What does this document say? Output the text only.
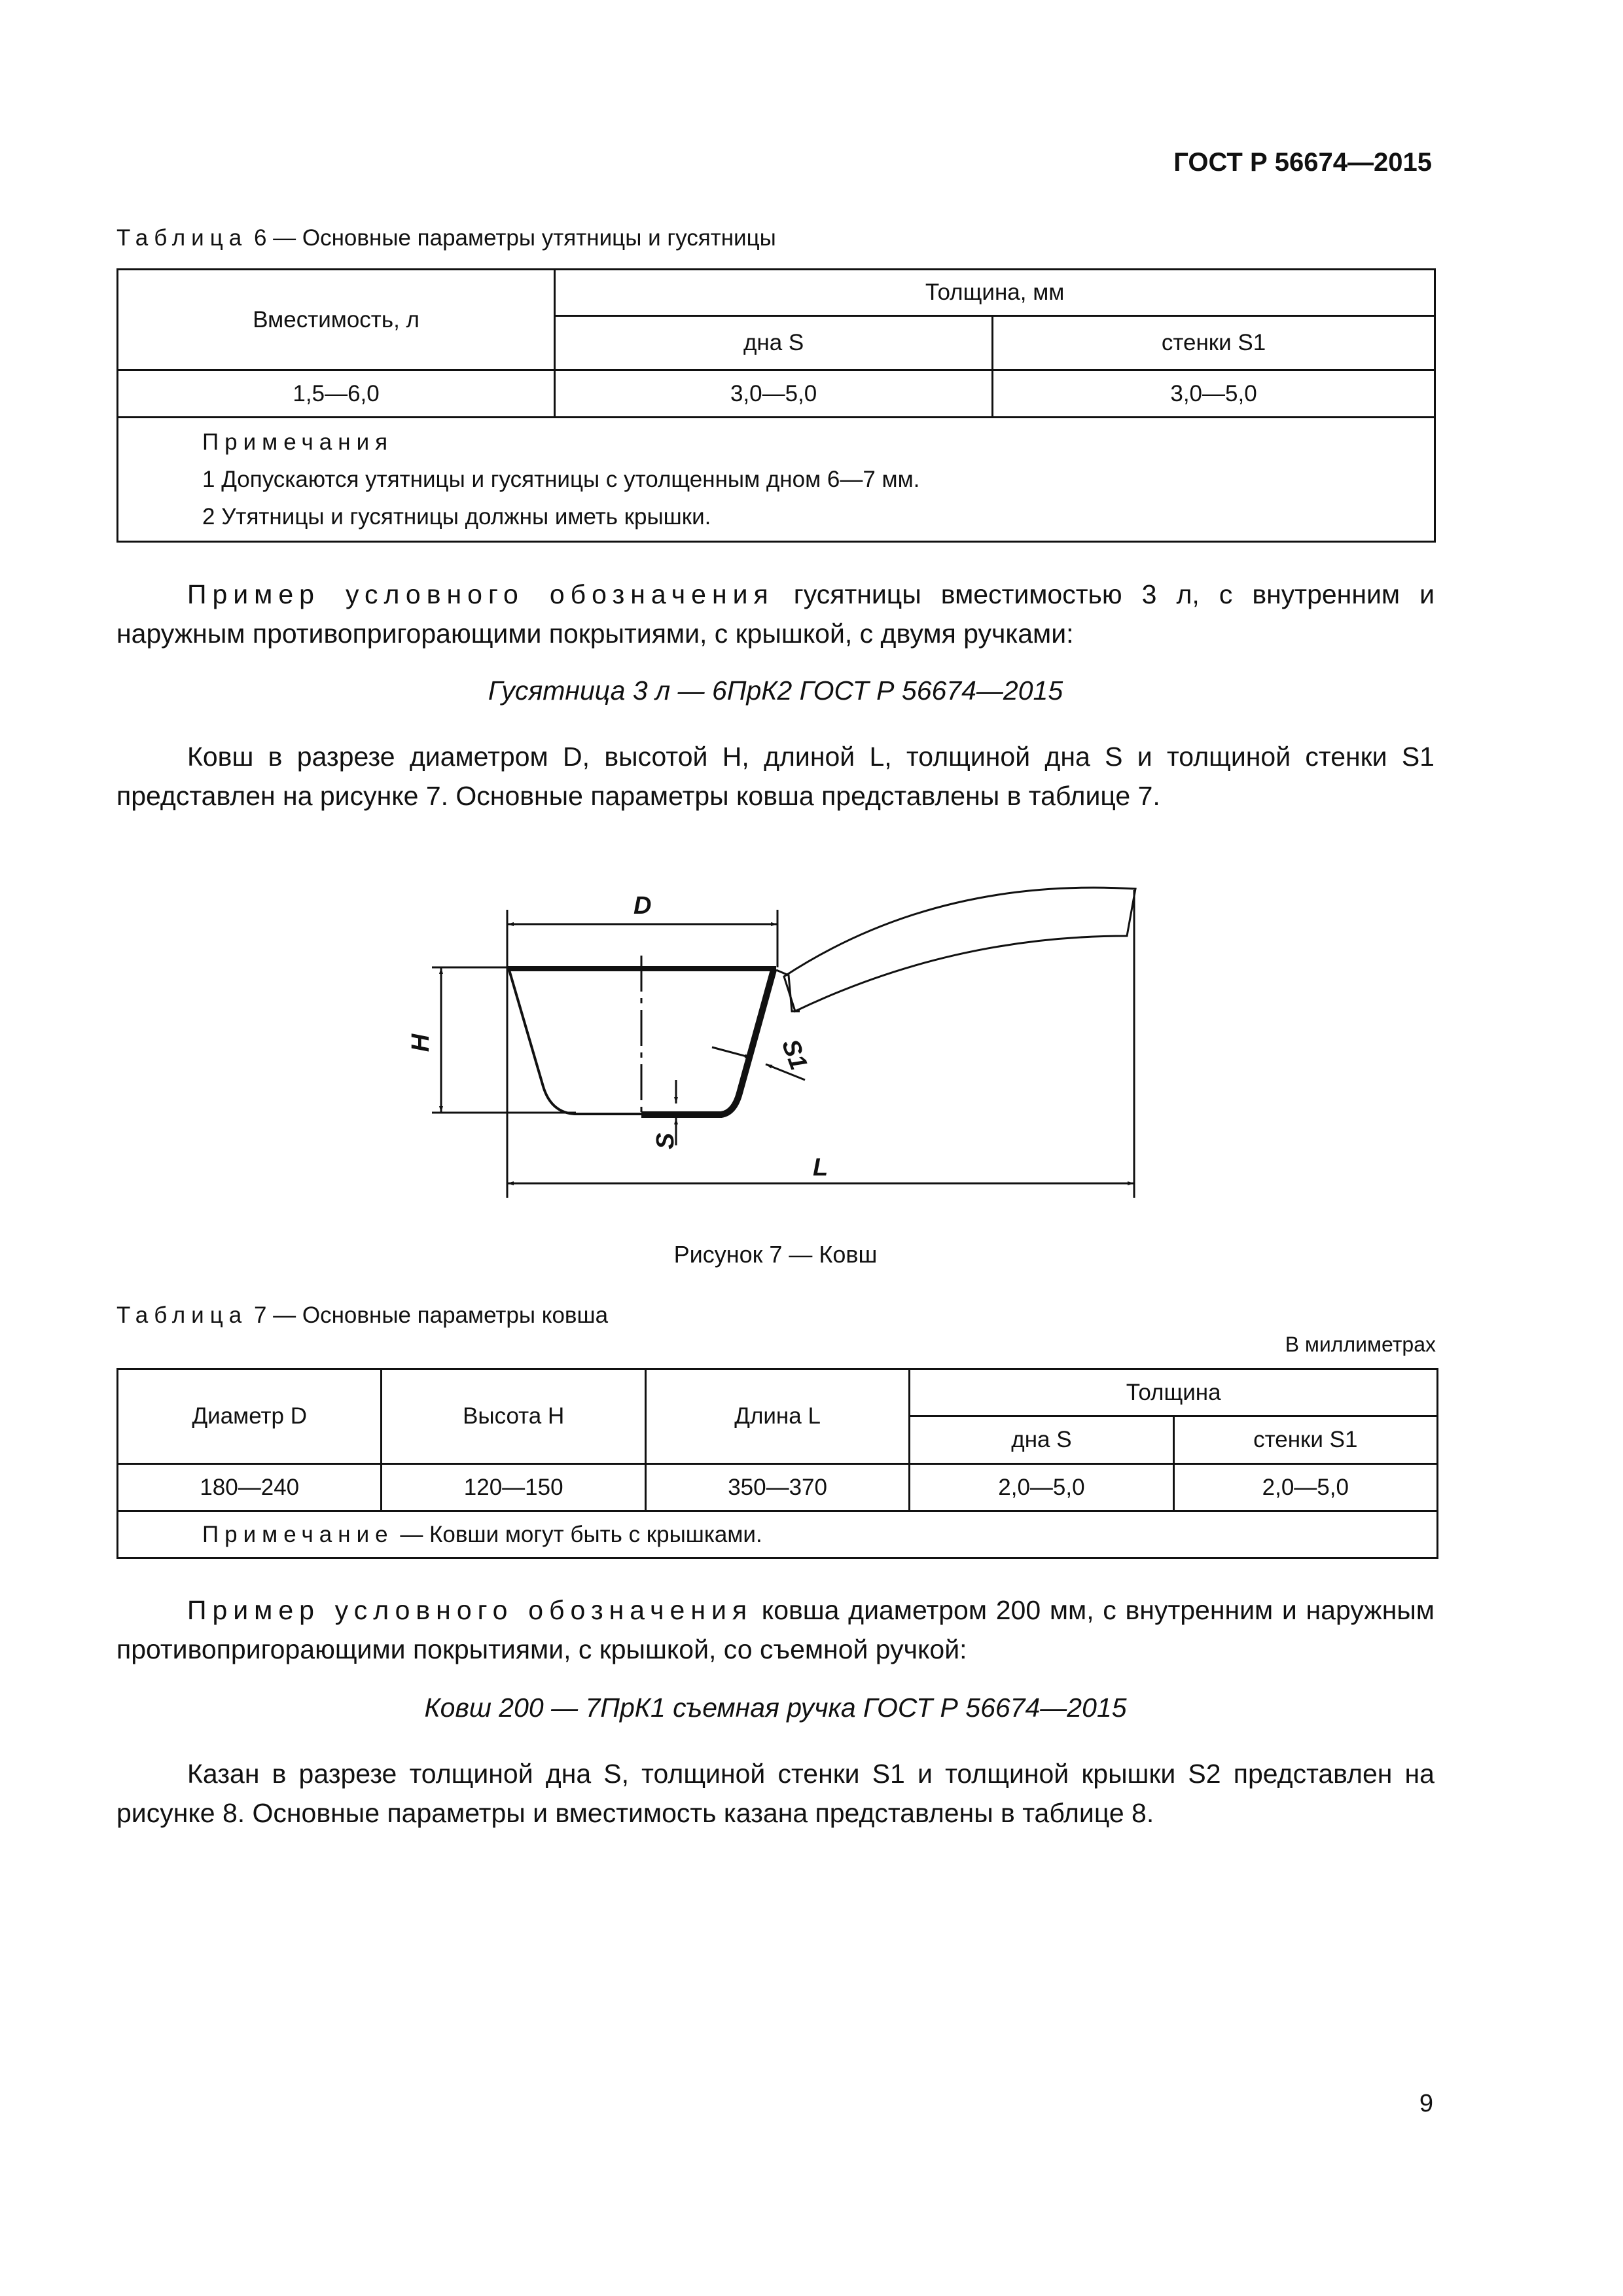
ГОСТ Р 56674—2015
Таблица 6 — Основные параметры утятницы и гусятницы
Вместимость, л	Толщина, мм	
	дна S	стенки S1
1,5—6,0	3,0—5,0	3,0—5,0

Примечания
1 Допускаются утятницы и гусятницы с утолщенным дном 6—7 мм.
2 Утятницы и гусятницы должны иметь крышки.		
Пример условного обозначения гусятницы вместимостью 3 л, с внутренним и наружным противопригорающими покрытиями, с крышкой, с двумя ручками:
Гусятница 3 л — 6ПрК2 ГОСТ Р 56674—2015
Ковш в разрезе диаметром D, высотой H, длиной L, толщиной дна S и толщиной стенки S1 представлен на рисунке 7. Основные параметры ковша представлены в таблице 7.
D
H
S
S1
L
Рисунок 7 — Ковш
Таблица 7 — Основные параметры ковша
В миллиметрах
Диаметр D	Высота H	Длина L	Толщина	
			дна S	стенки S1
180—240	120—150	350—370	2,0—5,0	2,0—5,0
Примечание — Ковши могут быть с крышками.				
Пример условного обозначения ковша диаметром 200 мм, с внутренним и наружным противопригорающими покрытиями, с крышкой, со съемной ручкой:
Ковш 200 — 7ПрК1 съемная ручка ГОСТ Р 56674—2015
Казан в разрезе толщиной дна S, толщиной стенки S1 и толщиной крышки S2 представлен на рисунке 8. Основные параметры и вместимость казана представлены в таблице 8.
9
